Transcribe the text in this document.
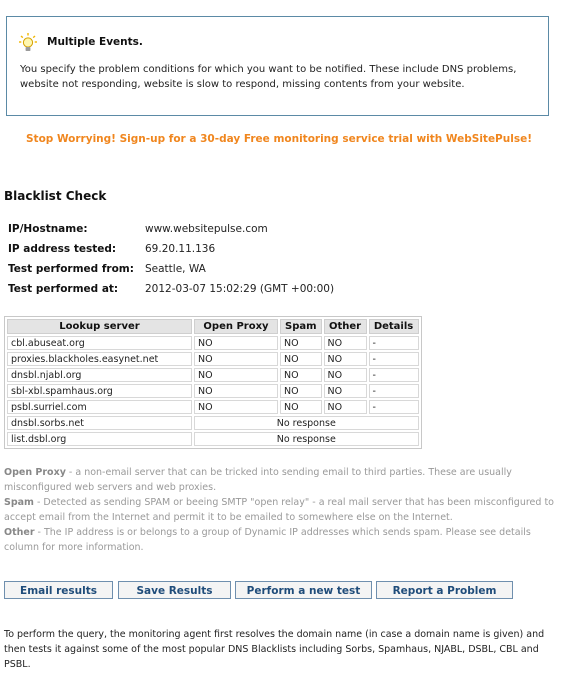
Multiple Events.
You specify the problem conditions for which you want to be notified. These include DNS problems, website not responding, website is slow to respond, missing contents from your website.
Stop Worrying! Sign-up for a 30-day Free monitoring service trial with WebSitePulse!
Blacklist Check
IP/Hostname:	www.websitepulse.com
IP address tested:	69.20.11.136
Test performed from: Seattle, WA
Test performed at:	2012-03-07 15:02:29 (GMT +00:00)
Lookup server	Open Proxy	Spam	Other	Details
cbl.abuseat.org	NO	NO	NO	-
proxies.blackholes.easynet.net	NO	NO	NO	-
dnsbl.njabl.org	NO	NO	NO	-
sbl-xbl.spamhaus.org	NO	NO	NO	-
psbl.surriel.com	NO	NO	NO	-
dnsbl.sorbs.net	No response			
list.dsbl.org	No response			

Open Proxy - a non-email server that can be tricked into sending email to third parties. These are usually misconfigured web servers and web proxies.

Spam - Detected as sending SPAM or beeing SMTP "open relay" - a real mail server that has been misconfigured to accept email from the Internet and permit it to be emailed to somewhere else on the Internet.

Other - The IP address is or belongs to a group of Dynamic IP addresses which sends spam. Please see details column for more information.

Email results	Save Results	Perform a new test	Report a Problem
To perform the query, the monitoring agent first resolves the domain name (in case a domain name is given) and then tests it against some of the most popular DNS Blacklists including Sorbs, Spamhaus, NJABL, DSBL, CBL and PSBL.
